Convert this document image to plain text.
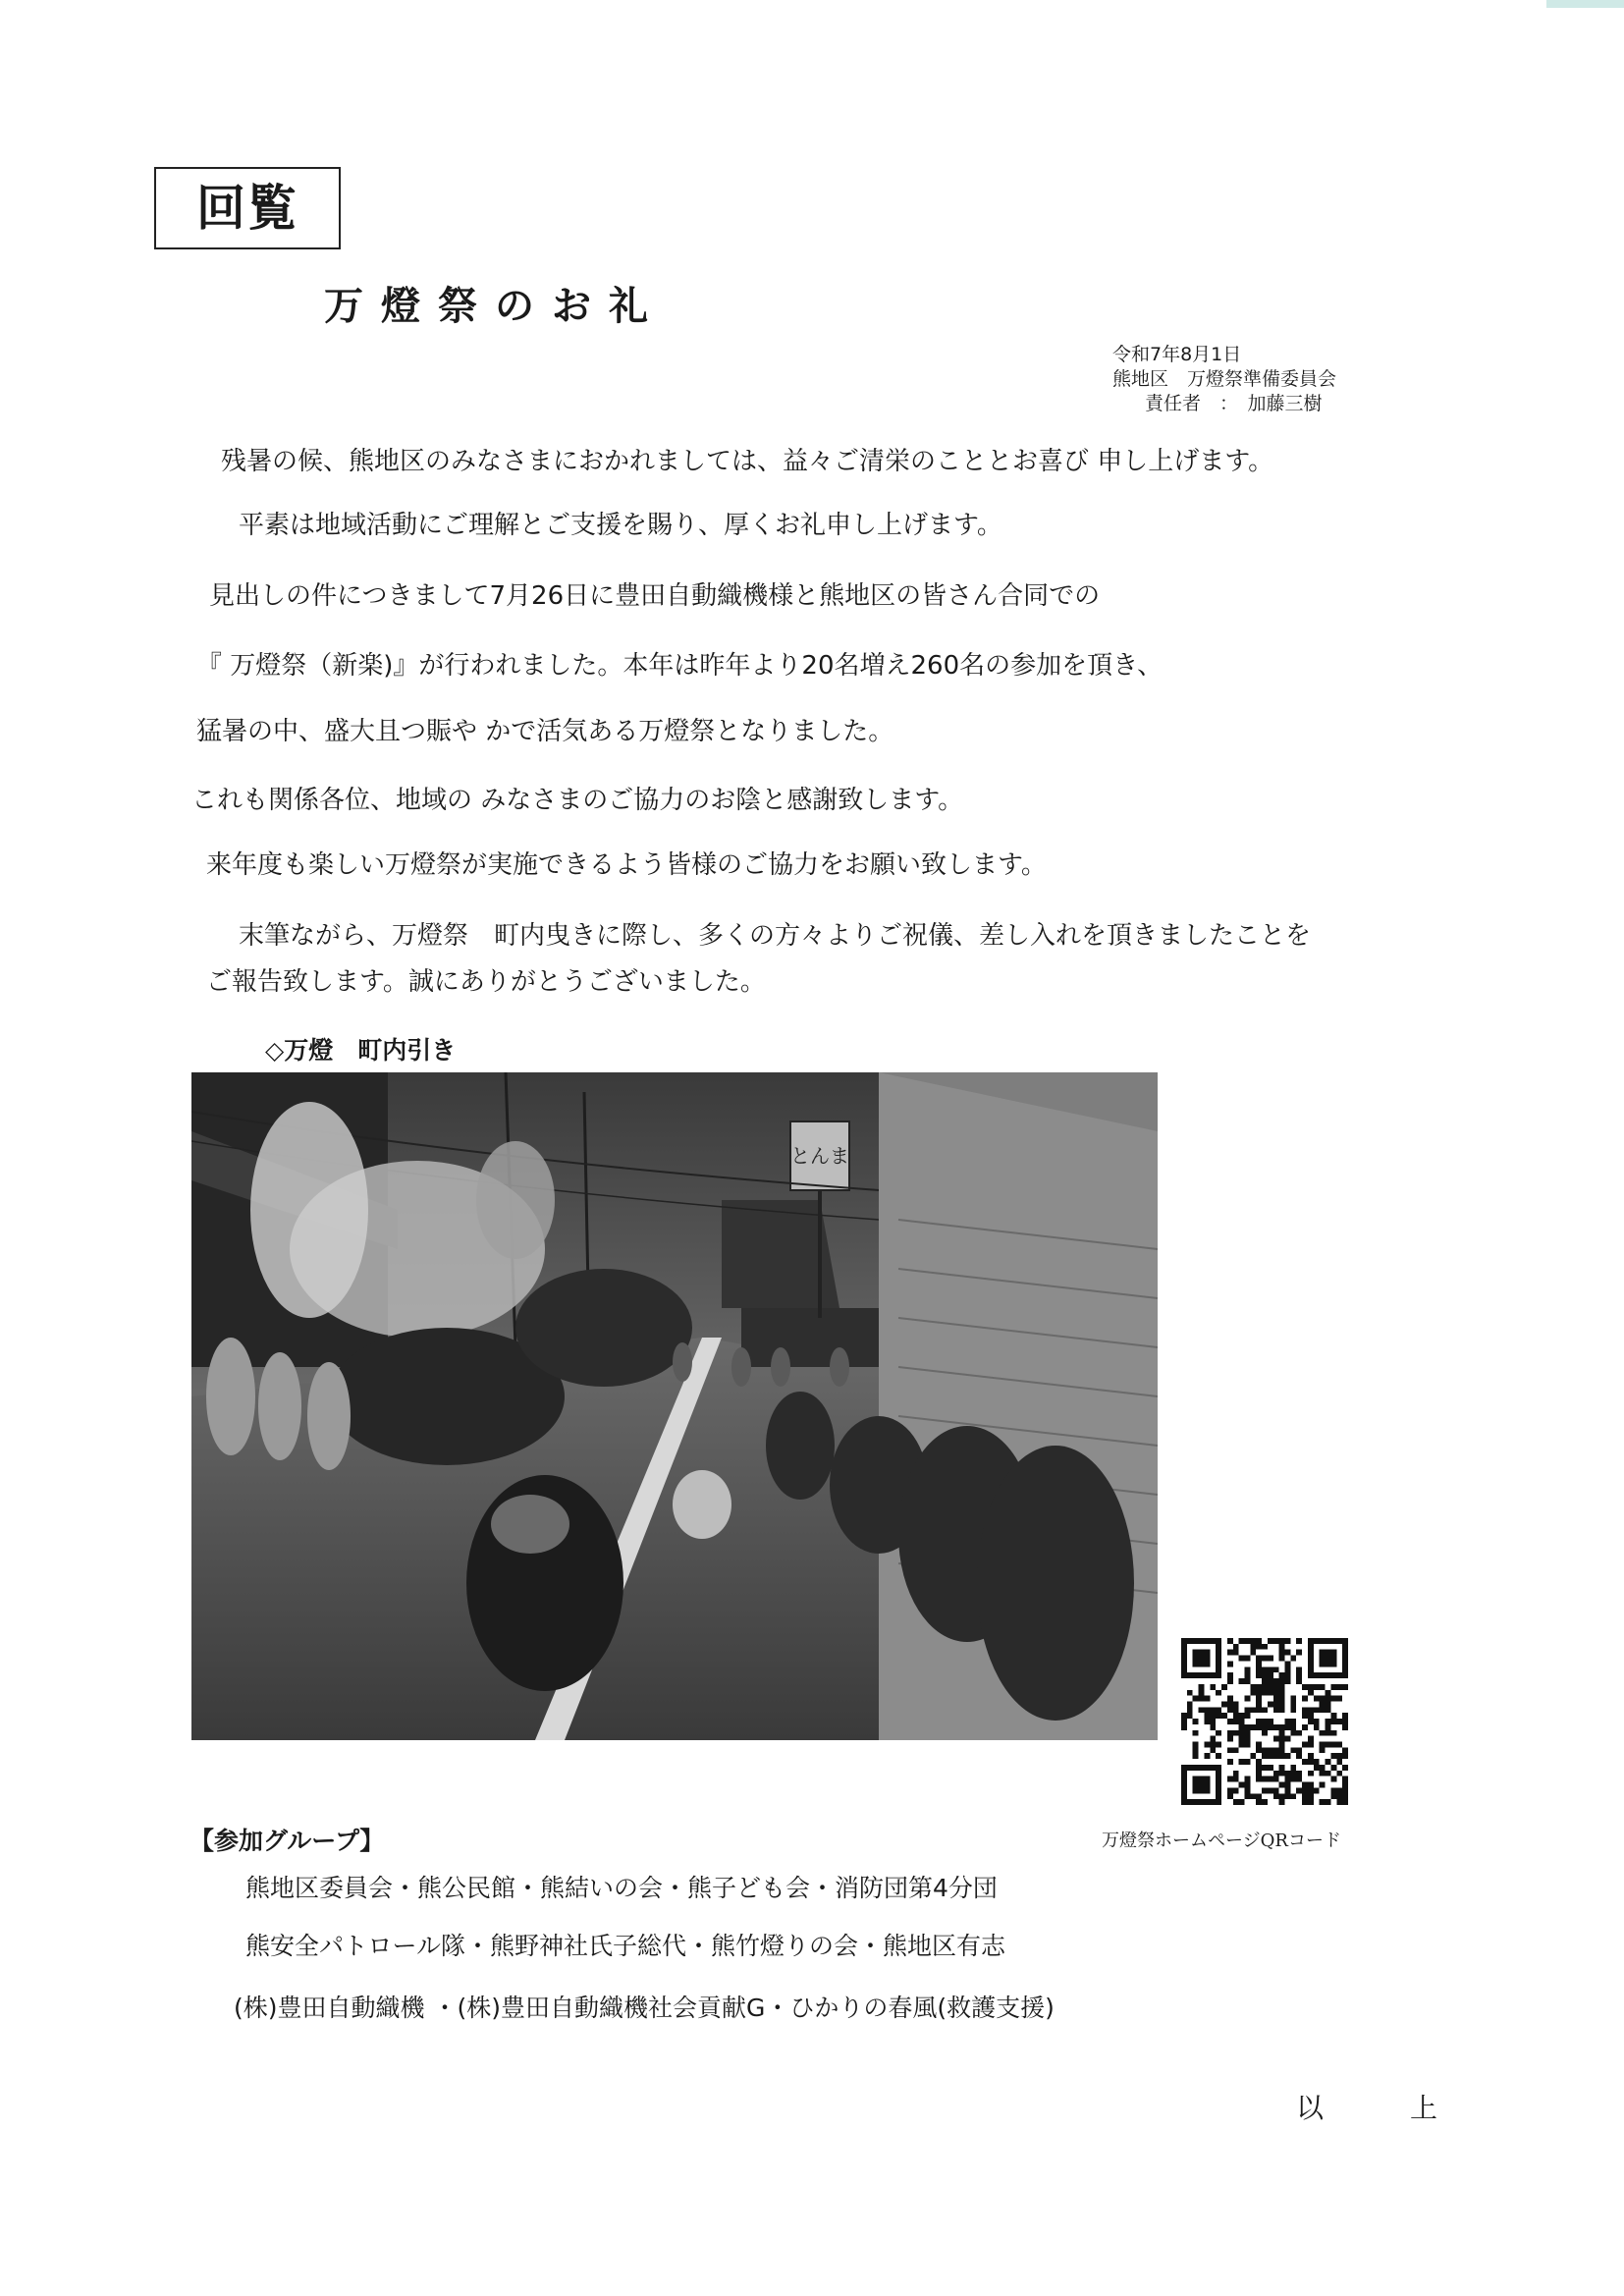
回覧
万燈祭のお礼
令和7年8月1日
熊地区　万燈祭準備委員会
責任者　：　加藤三樹
残暑の候、熊地区のみなさまにおかれましては、益々ご清栄のこととお喜び 申し上げます。
平素は地域活動にご理解とご支援を賜り、厚くお礼申し上げます。
見出しの件につきまして7月26日に豊田自動織機様と熊地区の皆さん合同での
『 万燈祭（新楽)』が行われました。本年は昨年より20名増え260名の参加を頂き、
猛暑の中、盛大且つ賑や かで活気ある万燈祭となりました。
これも関係各位、地域の みなさまのご協力のお陰と感謝致します。
来年度も楽しい万燈祭が実施できるよう皆様のご協力をお願い致します。
末筆ながら、万燈祭　町内曳きに際し、多くの方々よりご祝儀、差し入れを頂きましたことを
ご報告致します。誠にありがとうございました。
◇万燈　町内引き
とんま
万燈祭ホームページQRコード
【参加グループ】
熊地区委員会・熊公民館・熊結いの会・熊子ども会・消防団第4分団
熊安全パトロール隊・熊野神社氏子総代・熊竹燈りの会・熊地区有志
(株)豊田自動織機 ・(株)豊田自動織機社会貢献G・ひかりの春風(救護支援)
以　上
